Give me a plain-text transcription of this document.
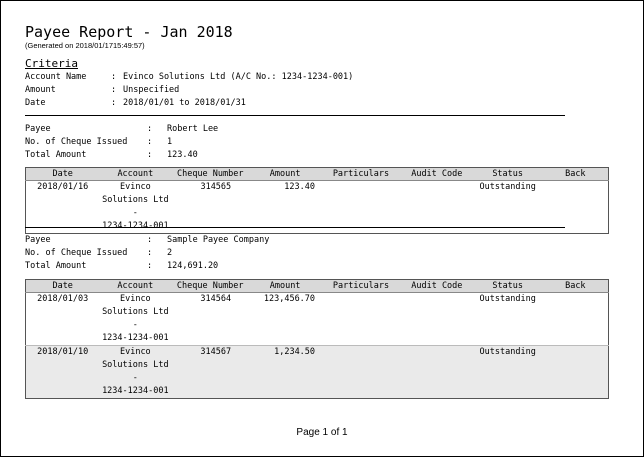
Payee Report - Jan 2018
(Generated on 2018/01/1715:49:57)
Criteria
Account Name	: Evinco Solutions Ltd (A/C No.: 1234-1234-001)
Amount	: Unspecified
Date	: 2018/01/01 to 2018/01/31
Payee	: Robert Lee
No. of Cheque Issued : 1
Total Amount	: 123.40
Date	Account	Cheque Number	Amount	Particulars	Audit Code	Status	Back
2018/01/16	Evinco
Solutions Ltd -
1234-1234-001	314565	123.40			Outstanding	
Payee	: Sample Payee Company
No. of Cheque Issued : 2
Total Amount	: 124,691.20
Date	Account	Cheque Number	Amount	Particulars	Audit Code	Status	Back
2018/01/03	Evinco
Solutions Ltd -
1234-1234-001	314564	123,456.70			Outstanding	
2018/01/10	Evinco
Solutions Ltd -
1234-1234-001	314567	1,234.50			Outstanding	
Page 1 of 1
